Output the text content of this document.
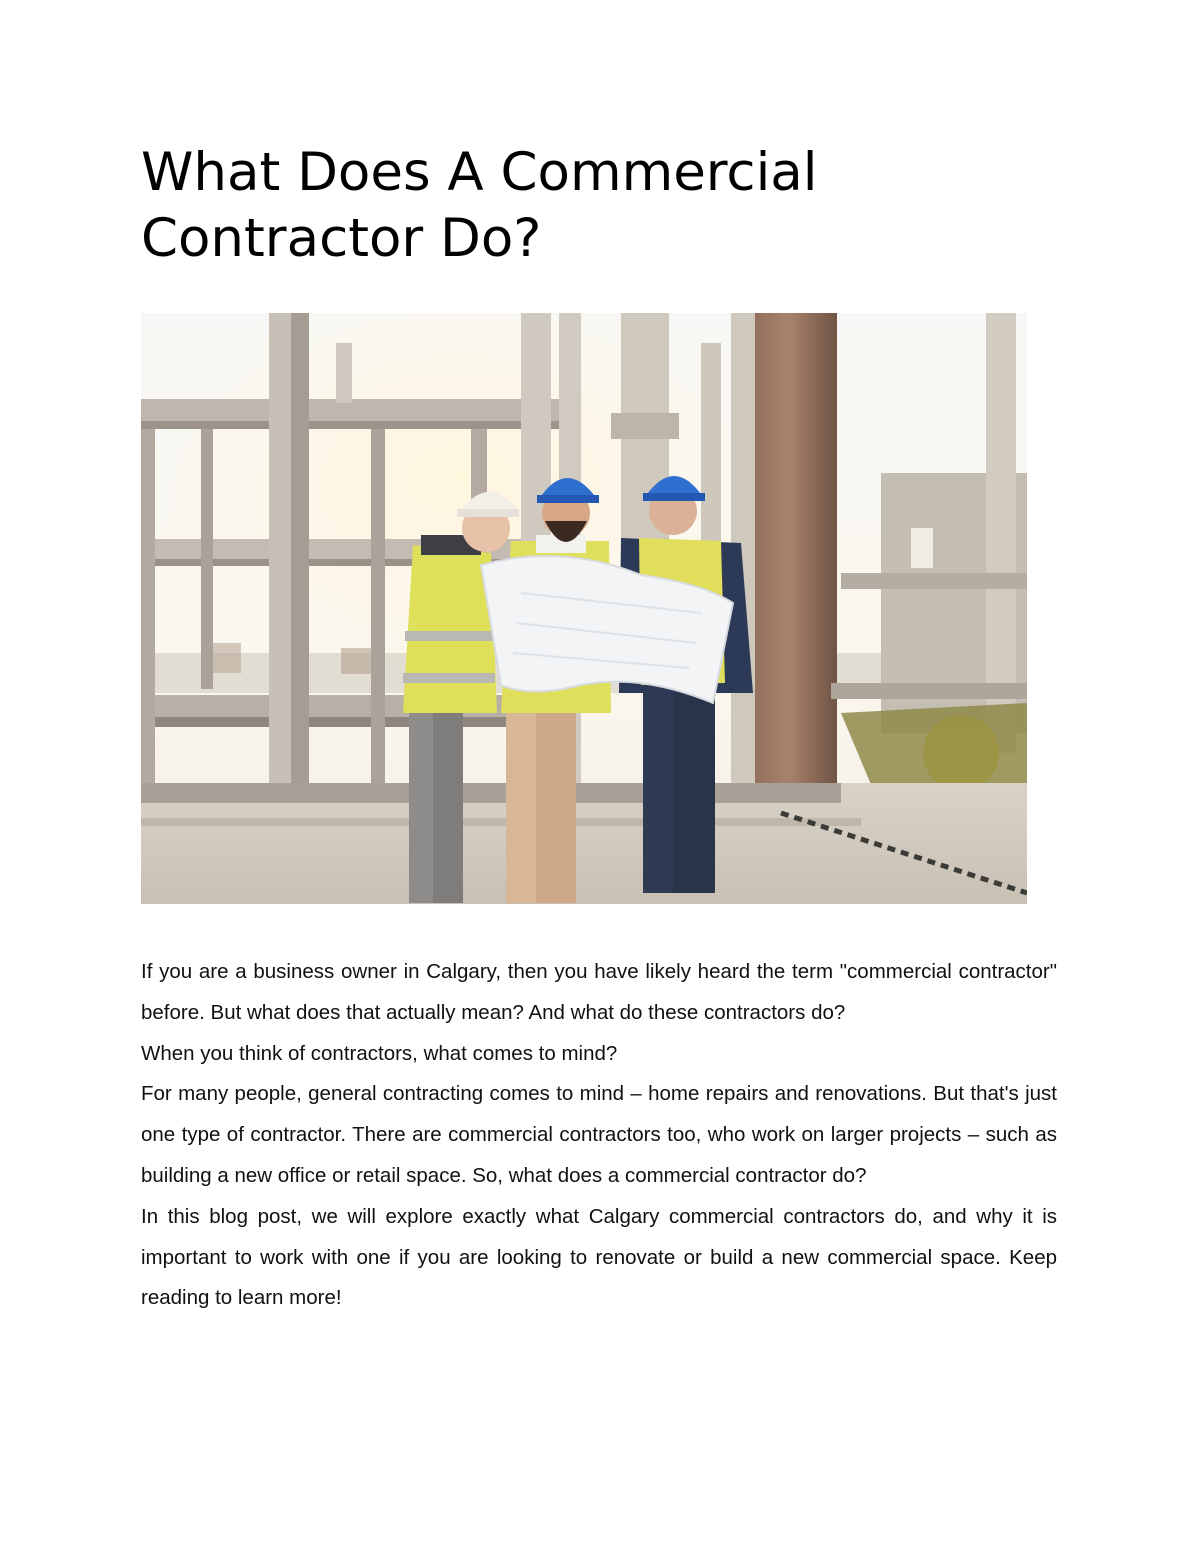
What Does A Commercial Contractor Do?

If you are a business owner in Calgary, then you have likely heard the term "commercial contractor" before. But what does that actually mean? And what do these contractors do?

When you think of contractors, what comes to mind?

For many people, general contracting comes to mind – home repairs and renovations. But that's just one type of contractor. There are commercial contractors too, who work on larger projects – such as building a new office or retail space. So, what does a commercial contractor do?

In this blog post, we will explore exactly what Calgary commercial contractors do, and why it is important to work with one if you are looking to renovate or build a new commercial space. Keep reading to learn more!
